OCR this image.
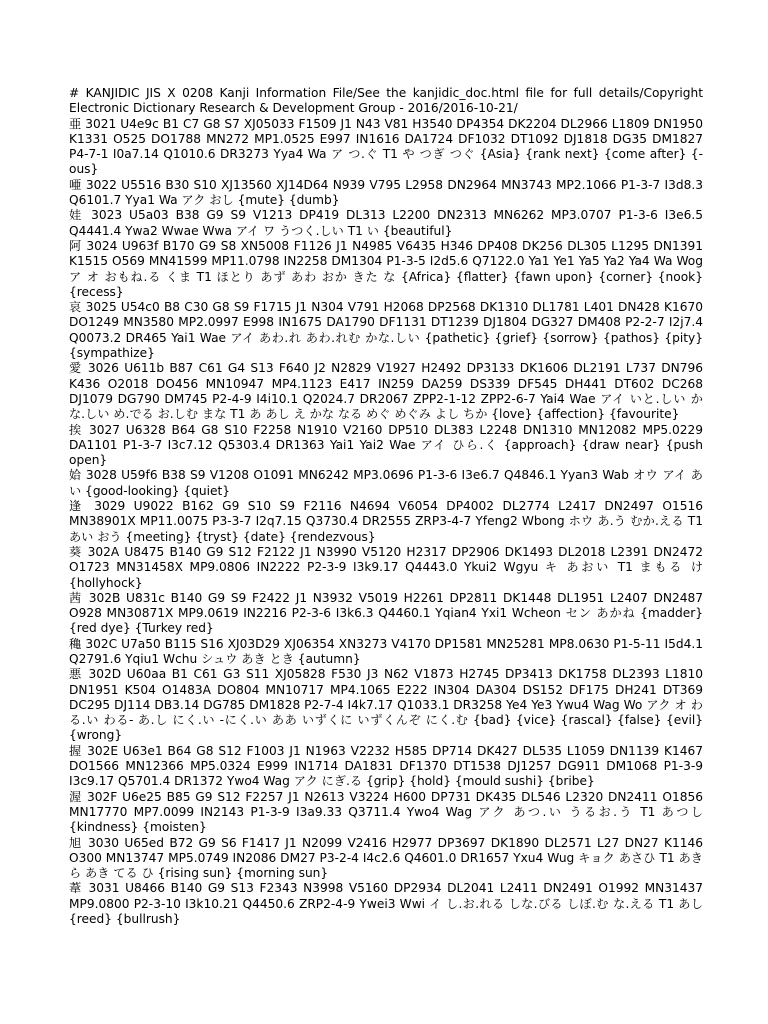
# KANJIDIC JIS X 0208 Kanji Information File/See the kanjidic_doc.html file for full details/Copyright Electronic Dictionary Research & Development Group - 2016/2016-10-21/

亜 3021 U4e9c B1 C7 G8 S7 XJ05033 F1509 J1 N43 V81 H3540 DP4354 DK2204 DL2966 L1809 DN1950 K1331 O525 DO1788 MN272 MP1.0525 E997 IN1616 DA1724 DF1032 DT1092 DJ1818 DG35 DM1827 P4-7-1 I0a7.14 Q1010.6 DR3273 Yya4 Wa ア つ.ぐ T1 や つぎ つぐ {Asia} {rank next} {come after} {-ous}

唖 3022 U5516 B30 S10 XJ13560 XJ14D64 N939 V795 L2958 DN2964 MN3743 MP2.1066 P1-3-7 I3d8.3 Q6101.7 Yya1 Wa アク おし {mute} {dumb}

娃 3023 U5a03 B38 G9 S9 V1213 DP419 DL313 L2200 DN2313 MN6262 MP3.0707 P1-3-6 I3e6.5 Q4441.4 Ywa2 Wwae Wwa アイ ワ うつく.しい T1 い {beautiful}

阿 3024 U963f B170 G9 S8 XN5008 F1126 J1 N4985 V6435 H346 DP408 DK256 DL305 L1295 DN1391 K1515 O569 MN41599 MP11.0798 IN2258 DM1304 P1-3-5 I2d5.6 Q7122.0 Ya1 Ye1 Ya5 Ya2 Ya4 Wa Wog ア オ おもね.る くま T1 ほとり あず あわ おか きた な {Africa} {flatter} {fawn upon} {corner} {nook} {recess}

哀 3025 U54c0 B8 C30 G8 S9 F1715 J1 N304 V791 H2068 DP2568 DK1310 DL1781 L401 DN428 K1670 DO1249 MN3580 MP2.0997 E998 IN1675 DA1790 DF1131 DT1239 DJ1804 DG327 DM408 P2-2-7 I2j7.4 Q0073.2 DR465 Yai1 Wae アイ あわ.れ あわ.れむ かな.しい {pathetic} {grief} {sorrow} {pathos} {pity} {sympathize}

愛 3026 U611b B87 C61 G4 S13 F640 J2 N2829 V1927 H2492 DP3133 DK1606 DL2191 L737 DN796 K436 O2018 DO456 MN10947 MP4.1123 E417 IN259 DA259 DS339 DF545 DH441 DT602 DC268 DJ1079 DG790 DM745 P2-4-9 I4i10.1 Q2024.7 DR2067 ZPP2-1-12 ZPP2-6-7 Yai4 Wae アイ いと.しい かな.しい め.でる お.しむ まな T1 あ あし え かな なる めぐ めぐみ よし ちか {love} {affection} {favourite}

挨 3027 U6328 B64 G8 S10 F2258 N1910 V2160 DP510 DL383 L2248 DN1310 MN12082 MP5.0229 DA1101 P1-3-7 I3c7.12 Q5303.4 DR1363 Yai1 Yai2 Wae アイ ひら.く {approach} {draw near} {push open}

姶 3028 U59f6 B38 S9 V1208 O1091 MN6242 MP3.0696 P1-3-6 I3e6.7 Q4846.1 Yyan3 Wab オウ アイ あい {good-looking} {quiet}

逢 3029 U9022 B162 G9 S10 S9 F2116 N4694 V6054 DP4002 DL2774 L2417 DN2497 O1516 MN38901X MP11.0075 P3-3-7 I2q7.15 Q3730.4 DR2555 ZRP3-4-7 Yfeng2 Wbong ホウ あ.う むか.える T1 あい おう {meeting} {tryst} {date} {rendezvous}

葵 302A U8475 B140 G9 S12 F2122 J1 N3990 V5120 H2317 DP2906 DK1493 DL2018 L2391 DN2472 O1723 MN31458X MP9.0806 IN2222 P2-3-9 I3k9.17 Q4443.0 Ykui2 Wgyu キ あおい T1 まもる け {hollyhock}

茜 302B U831c B140 G9 S9 F2422 J1 N3932 V5019 H2261 DP2811 DK1448 DL1951 L2407 DN2487 O928 MN30871X MP9.0619 IN2216 P2-3-6 I3k6.3 Q4460.1 Yqian4 Yxi1 Wcheon セン あかね {madder} {red dye} {Turkey red}

穐 302C U7a50 B115 S16 XJ03D29 XJ06354 XN3273 V4170 DP1581 MN25281 MP8.0630 P1-5-11 I5d4.1 Q2791.6 Yqiu1 Wchu シュウ あき とき {autumn}

悪 302D U60aa B1 C61 G3 S11 XJ05828 F530 J3 N62 V1873 H2745 DP3413 DK1758 DL2393 L1810 DN1951 K504 O1483A DO804 MN10717 MP4.1065 E222 IN304 DA304 DS152 DF175 DH241 DT369 DC295 DJ114 DB3.14 DG785 DM1828 P2-7-4 I4k7.17 Q1033.1 DR3258 Ye4 Ye3 Ywu4 Wag Wo アク オ わる.い わる- あ.し にく.い -にく.い ああ いずくに いずくんぞ にく.む {bad} {vice} {rascal} {false} {evil} {wrong}

握 302E U63e1 B64 G8 S12 F1003 J1 N1963 V2232 H585 DP714 DK427 DL535 L1059 DN1139 K1467 DO1566 MN12366 MP5.0324 E999 IN1714 DA1831 DF1370 DT1538 DJ1257 DG911 DM1068 P1-3-9 I3c9.17 Q5701.4 DR1372 Ywo4 Wag アク にぎ.る {grip} {hold} {mould sushi} {bribe}

渥 302F U6e25 B85 G9 S12 F2257 J1 N2613 V3224 H600 DP731 DK435 DL546 L2320 DN2411 O1856 MN17770 MP7.0099 IN2143 P1-3-9 I3a9.33 Q3711.4 Ywo4 Wag アク あつ.い うるお.う T1 あつし {kindness} {moisten}

旭 3030 U65ed B72 G9 S6 F1417 J1 N2099 V2416 H2977 DP3697 DK1890 DL2571 L27 DN27 K1146 O300 MN13747 MP5.0749 IN2086 DM27 P3-2-4 I4c2.6 Q4601.0 DR1657 Yxu4 Wug キョク あさひ T1 あきら あき てる ひ {rising sun} {morning sun}

葦 3031 U8466 B140 G9 S13 F2343 N3998 V5160 DP2934 DL2041 L2411 DN2491 O1992 MN31437 MP9.0800 P2-3-10 I3k10.21 Q4450.6 ZRP2-4-9 Ywei3 Wwi イ し.お.れる しな.びる しぼ.む な.える T1 あし {reed} {bullrush}
